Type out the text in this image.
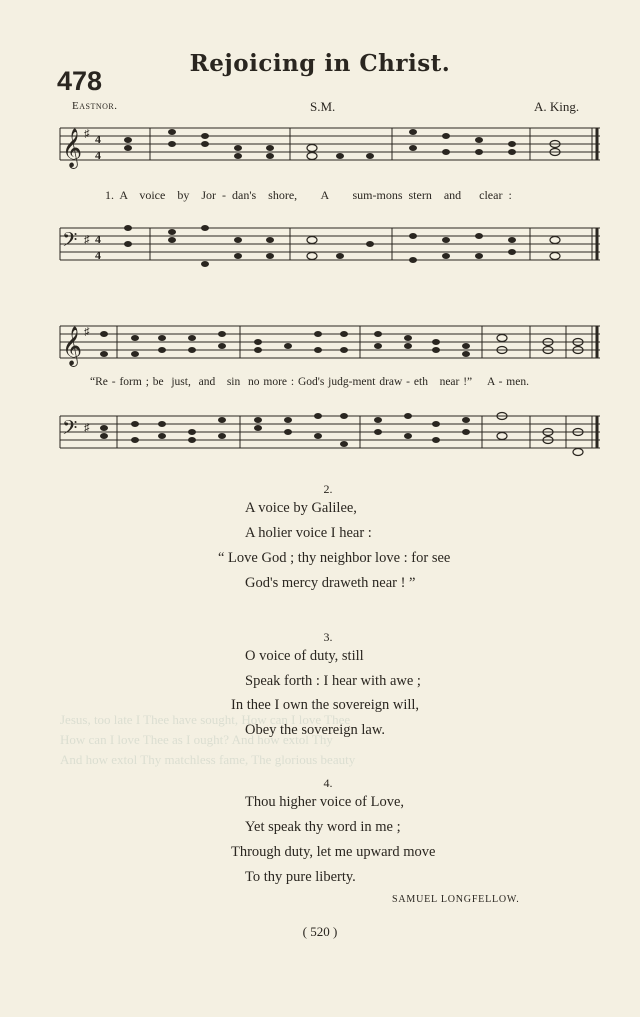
Jesus, too late I Thee have sought, How can I love Thee
How can I love Thee as I ought? And how extol Thy
And how extol Thy matchless fame, The glorious beauty
Rejoicing in Christ.
478
Eastnor.	S.M.	A. King.
𝄞 ♯ 4
4
1. A  voice  by  Jor - dan's  shore,    A    sum-mons stern  and   clear :
𝄢 ♯ 4
4
𝄞 ♯
“Re - form ; be  just,  and   sin  no more : God's judg-ment draw - eth   near !”    A - men.
𝄢 ♯
2.
A voice by Galilee,
A holier voice I hear :
“ Love God ; thy neighbor love : for see
God's mercy draweth near ! ”
3.
O voice of duty, still
Speak forth : I hear with awe ;
In thee I own the sovereign will,
Obey the sovereign law.
4.
Thou higher voice of Love,
Yet speak thy word in me ;
Through duty, let me upward move
To thy pure liberty.
SAMUEL LONGFELLOW.
( 520 )
